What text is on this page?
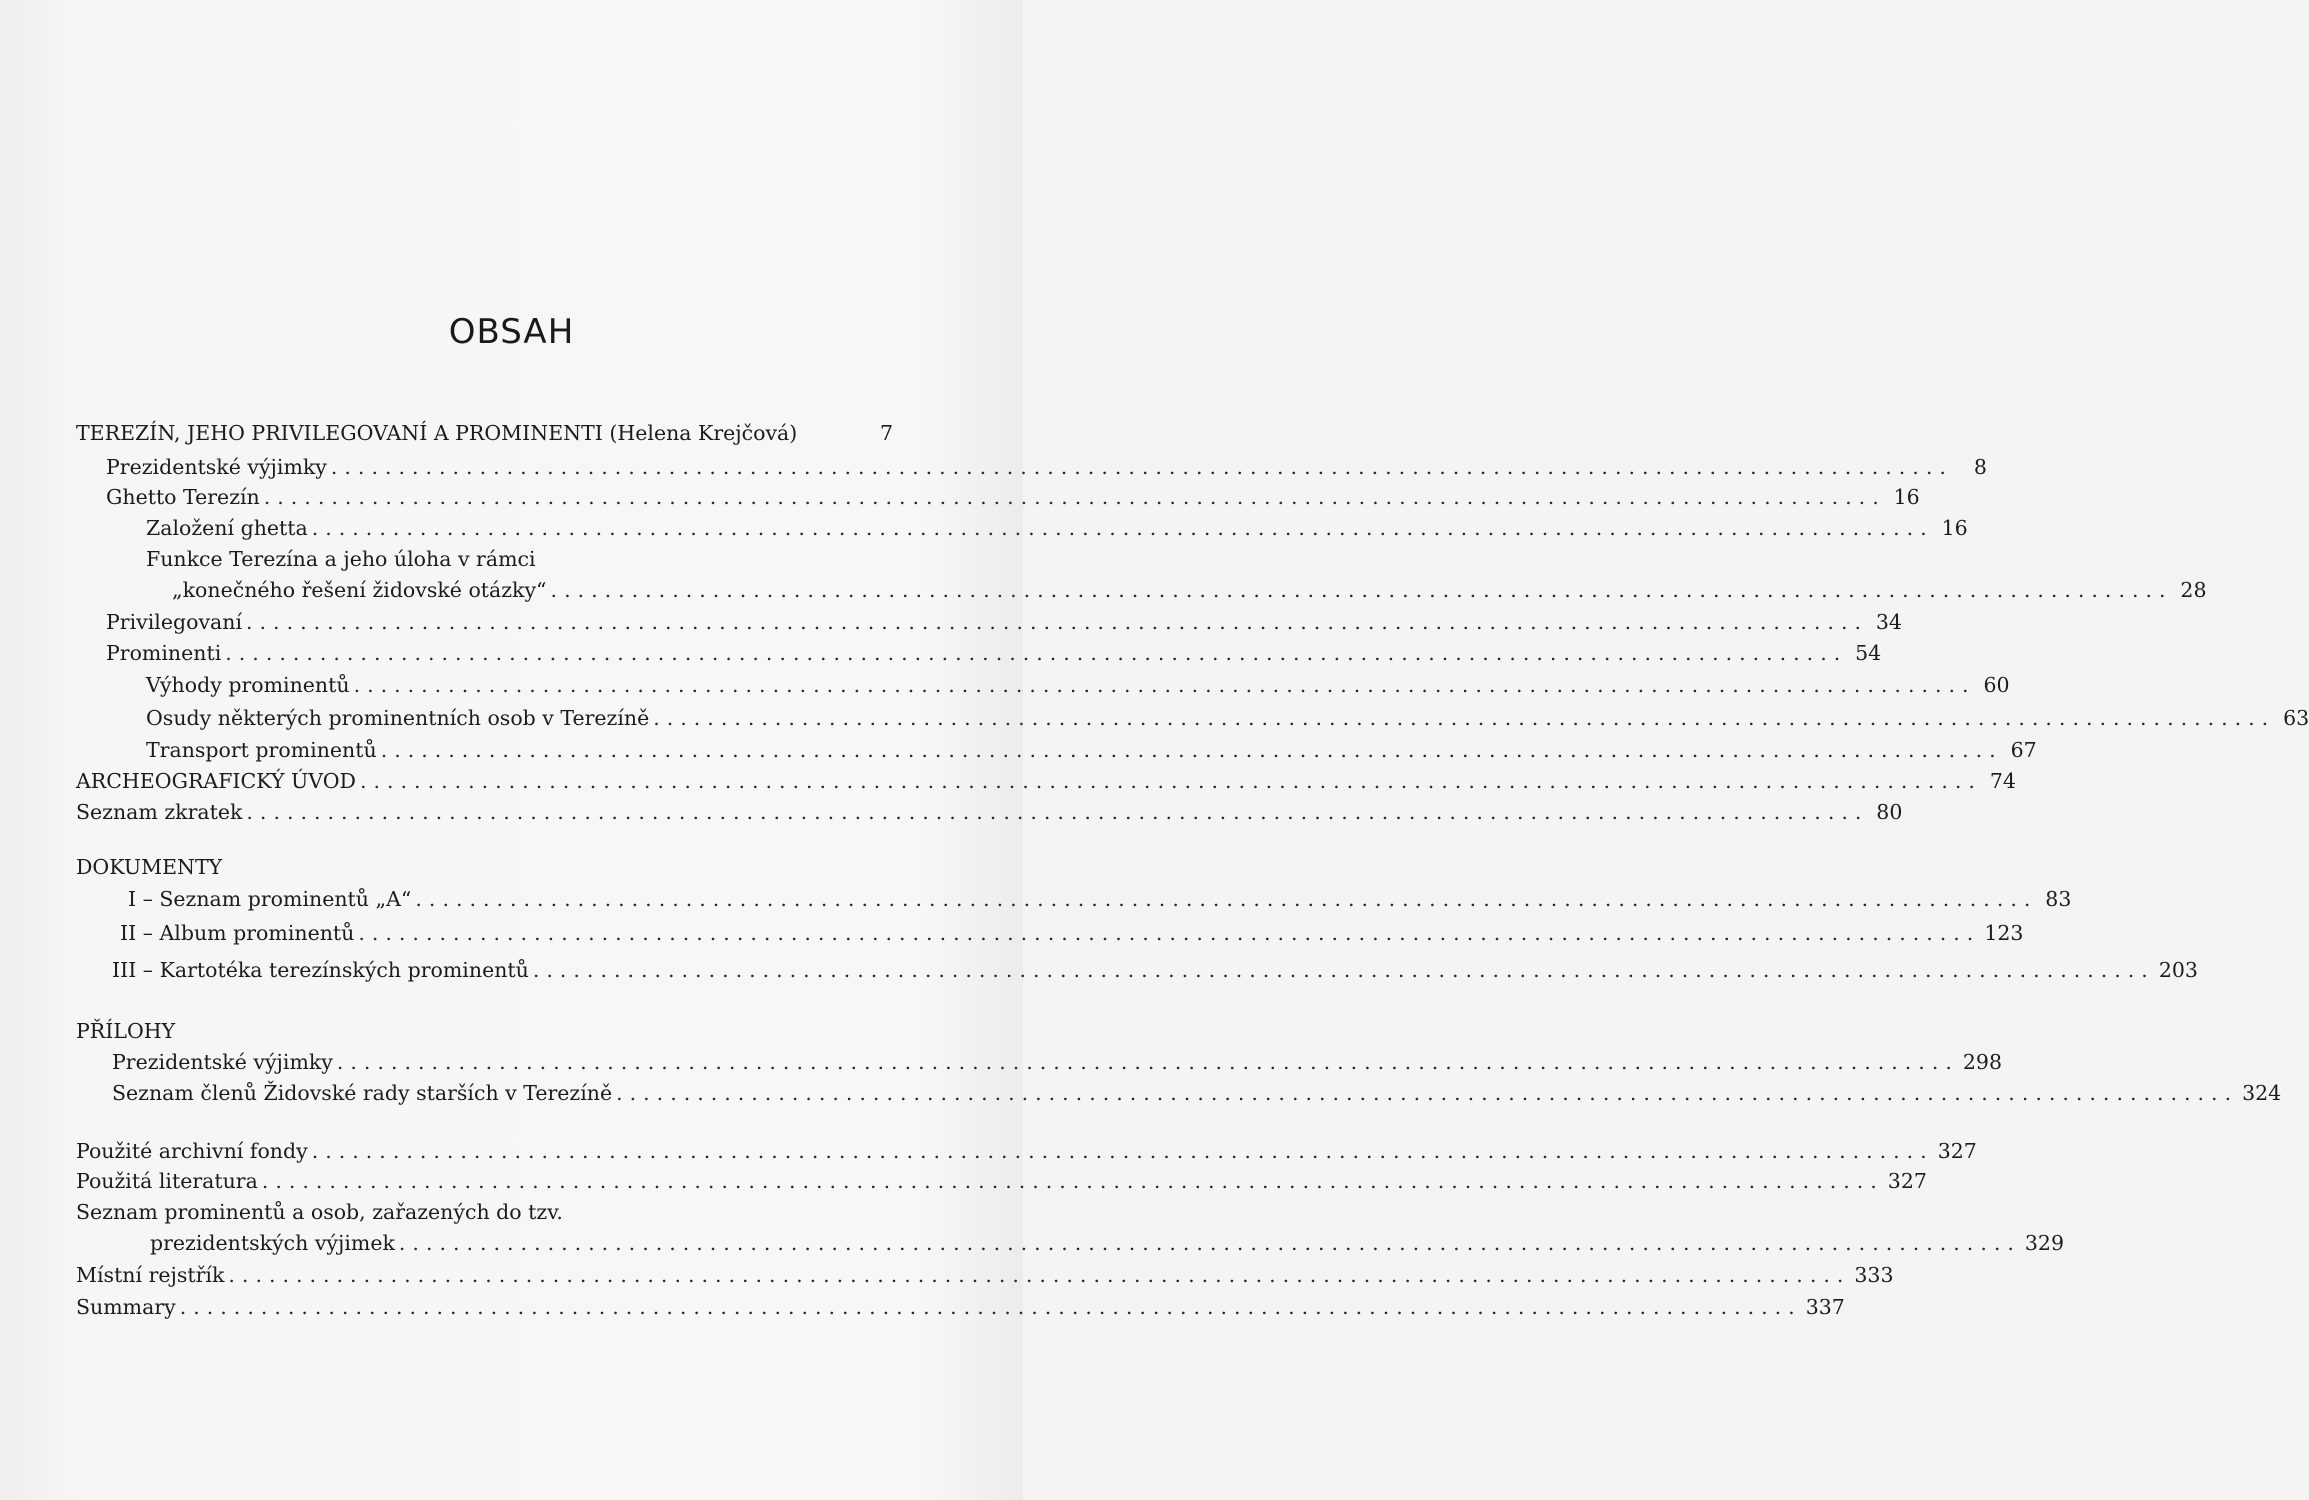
OBSAH
TEREZÍN, JEHO PRIVILEGOVANÍ A PROMINENTI (Helena Krejčová)	7
Prezidentské výjimky ........................................................................................................................	8
Ghetto Terezín ........................................................................................................................ 16
Založení ghetta ........................................................................................................................ 16
Funkce Terezína a jeho úloha v rámci
„konečného řešení židovské otázky“ ........................................................................................................................ 28
Privilegovaní ........................................................................................................................ 34
Prominenti ........................................................................................................................ 54
Výhody prominentů ........................................................................................................................ 60
Osudy některých prominentních osob v Terezíně ........................................................................................................................ 63
Transport prominentů ........................................................................................................................ 67
ARCHEOGRAFICKÝ ÚVOD ........................................................................................................................ 74
Seznam zkratek ........................................................................................................................ 80
DOKUMENTY
I – Seznam prominentů „A“ ........................................................................................................................ 83
II – Album prominentů ........................................................................................................................ 123
III – Kartotéka terezínských prominentů ........................................................................................................................ 203
PŘÍLOHY
Prezidentské výjimky ........................................................................................................................ 298
Seznam členů Židovské rady starších v Terezíně ........................................................................................................................ 324
Použité archivní fondy ........................................................................................................................ 327
Použitá literatura ........................................................................................................................ 327
Seznam prominentů a osob, zařazených do tzv.
prezidentských výjimek ........................................................................................................................ 329
Místní rejstřík ........................................................................................................................ 333
Summary ........................................................................................................................ 337
